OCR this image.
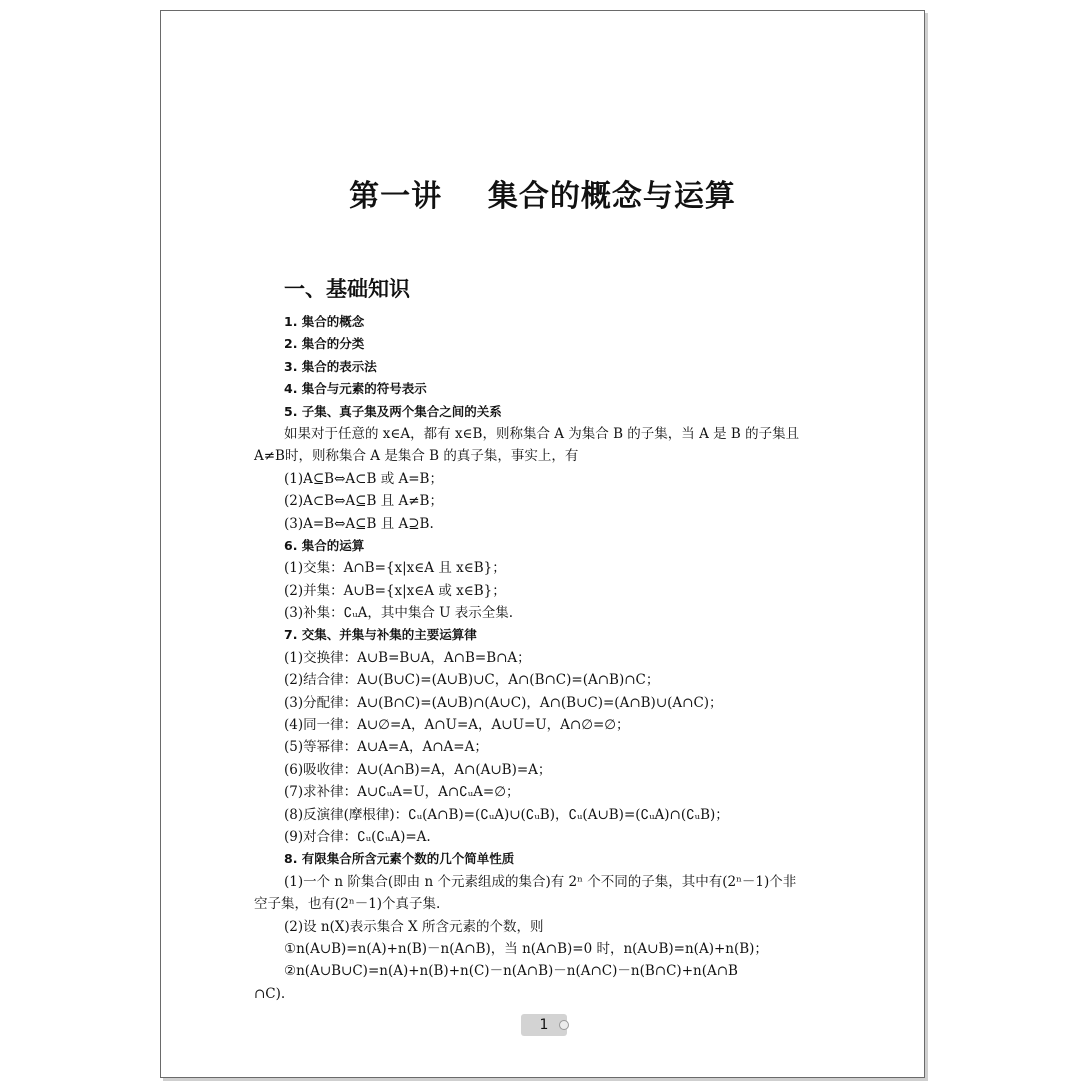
第一讲    集合的概念与运算
一、基础知识
1. 集合的概念
2. 集合的分类
3. 集合的表示法
4. 集合与元素的符号表示
5. 子集、真子集及两个集合之间的关系
如果对于任意的 x∈A，都有 x∈B，则称集合 A 为集合 B 的子集，当 A 是 B 的子集且
A≠B时，则称集合 A 是集合 B 的真子集，事实上，有
(1)A⊆B⇔A⊂B 或 A=B；
(2)A⊂B⇔A⊆B 且 A≠B；
(3)A=B⇔A⊆B 且 A⊇B.
6. 集合的运算
(1)交集：A∩B={x|x∈A 且 x∈B}；
(2)并集：A∪B={x|x∈A 或 x∈B}；
(3)补集：∁ᵤA，其中集合 U 表示全集.
7. 交集、并集与补集的主要运算律
(1)交换律：A∪B=B∪A，A∩B=B∩A；
(2)结合律：A∪(B∪C)=(A∪B)∪C，A∩(B∩C)=(A∩B)∩C；
(3)分配律：A∪(B∩C)=(A∪B)∩(A∪C)，A∩(B∪C)=(A∩B)∪(A∩C)；
(4)同一律：A∪∅=A，A∩U=A，A∪U=U，A∩∅=∅；
(5)等幂律：A∪A=A，A∩A=A；
(6)吸收律：A∪(A∩B)=A，A∩(A∪B)=A；
(7)求补律：A∪∁ᵤA=U，A∩∁ᵤA=∅；
(8)反演律(摩根律)：∁ᵤ(A∩B)=(∁ᵤA)∪(∁ᵤB)，∁ᵤ(A∪B)=(∁ᵤA)∩(∁ᵤB)；
(9)对合律：∁ᵤ(∁ᵤA)=A.
8. 有限集合所含元素个数的几个简单性质
(1)一个 n 阶集合(即由 n 个元素组成的集合)有 2ⁿ 个不同的子集，其中有(2ⁿ－1)个非
空子集，也有(2ⁿ－1)个真子集.
(2)设 n(X)表示集合 X 所含元素的个数，则
①n(A∪B)=n(A)+n(B)－n(A∩B)，当 n(A∩B)=0 时，n(A∪B)=n(A)+n(B)；
②n(A∪B∪C)=n(A)+n(B)+n(C)－n(A∩B)－n(A∩C)－n(B∩C)+n(A∩B
∩C).
1
